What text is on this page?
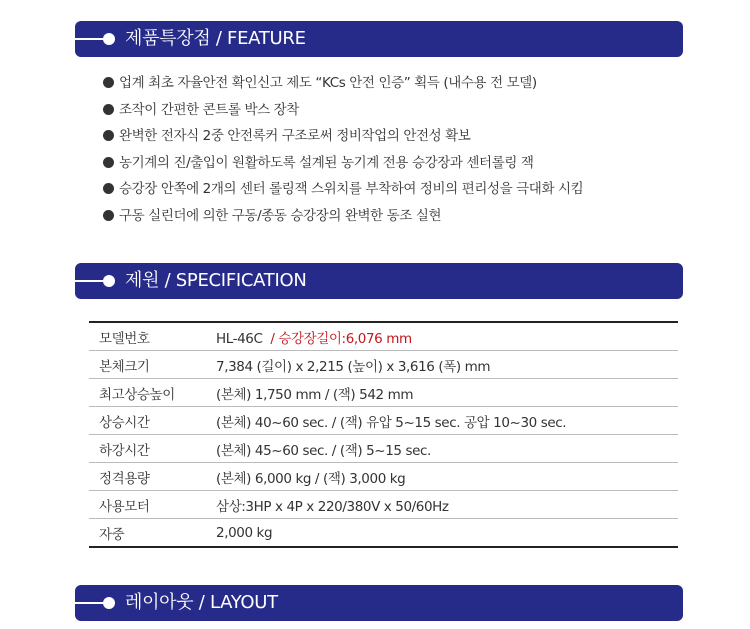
제품특장점 / FEATURE
업계 최초 자율안전 확인신고 제도 “KCs 안전 인증” 획득 (내수용 전 모델)
조작이 간편한 콘트롤 박스 장착
완벽한 전자식 2중 안전록커 구조로써 정비작업의 안전성 확보
농기계의 진/출입이 원활하도록 설계된 농기계 전용 승강장과 센터롤링 잭
승강장 안쪽에 2개의 센터 롤링잭 스위치를 부착하여 정비의 편리성을 극대화 시킴
구동 실린더에 의한 구동/종동 승강장의 완벽한 동조 실현
제원 / SPECIFICATION
모델번호	HL-46C / 승강장길이:6,076 mm
본체크기	7,384 (길이) x 2,215 (높이) x 3,616 (폭) mm
최고상승높이	(본체) 1,750 mm / (잭) 542 mm
상승시간	(본체) 40~60 sec. / (잭) 유압 5~15 sec. 공압 10~30 sec.
하강시간	(본체) 45~60 sec. / (잭) 5~15 sec.
정격용량	(본체) 6,000 kg / (잭) 3,000 kg
사용모터	삼상:3HP x 4P x 220/380V x 50/60Hz
자중	2,000 kg
레이아웃 / LAYOUT
